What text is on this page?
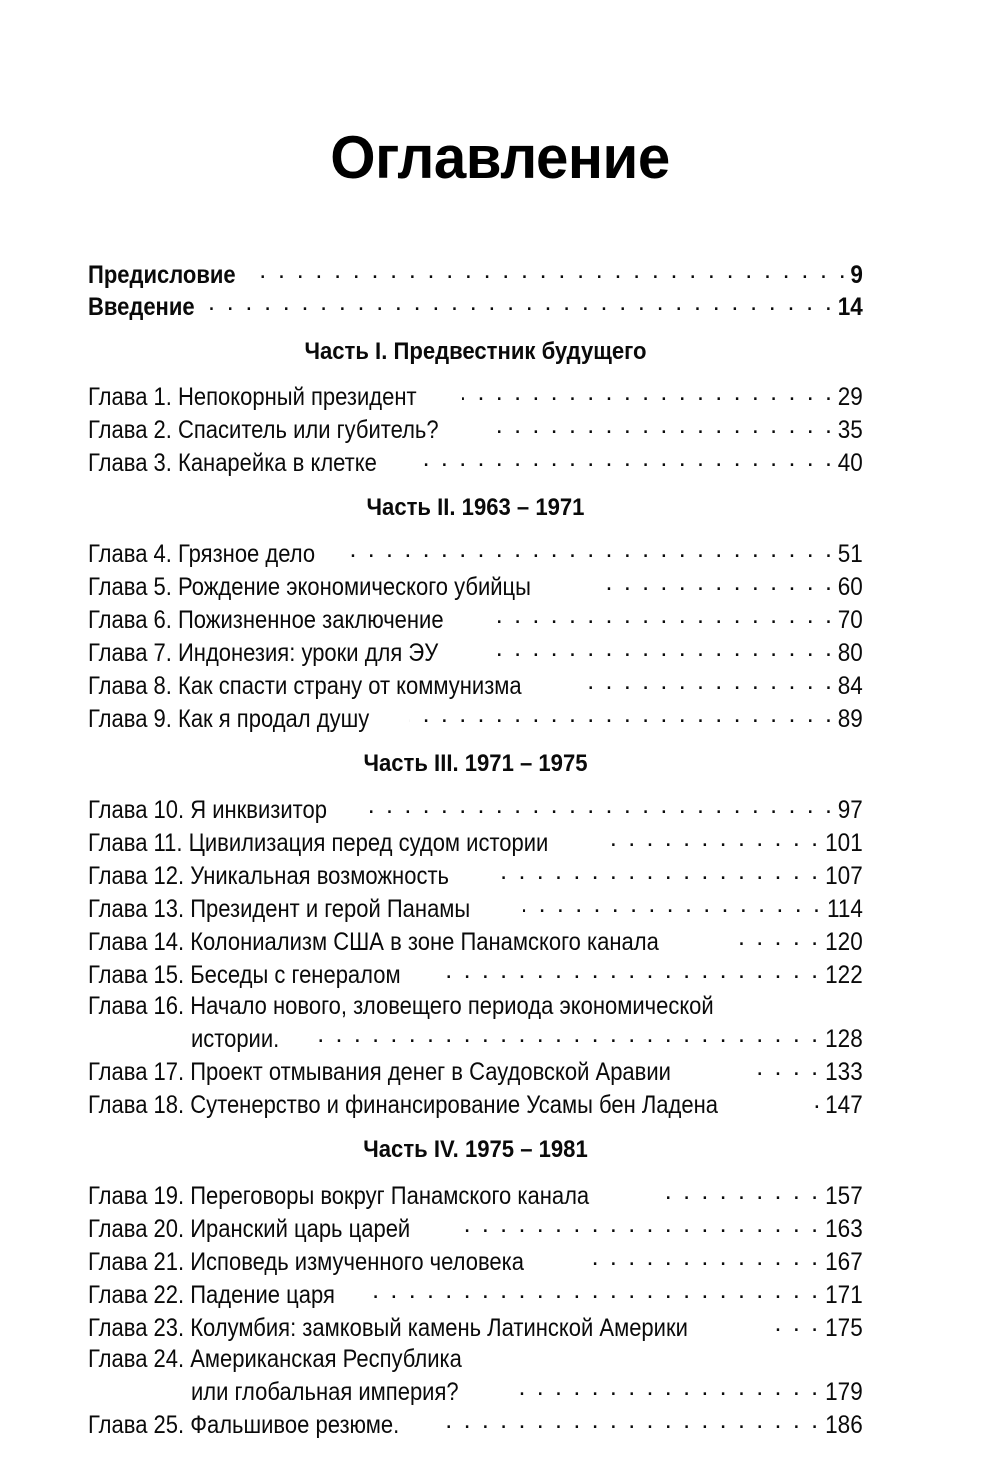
Оглавление
Предисловие . . .	9
Введение . . .	14
Часть I. Предвестник будущего
Глава 1. Непокорный президент . . .	29
Глава 2. Спаситель или губитель? . . .	35
Глава 3. Канарейка в клетке . . .	40
Часть II. 1963 – 1971
Глава 4. Грязное дело . . .	51
Глава 5. Рождение экономического убийцы . . .	60
Глава 6. Пожизненное заключение . . .	70
Глава 7. Индонезия: уроки для ЭУ . . .	80
Глава 8. Как спасти страну от коммунизма . . .	84
Глава 9. Как я продал душу . . .	89
Часть III. 1971 – 1975
Глава 10. Я инквизитор . . .	97
Глава 11. Цивилизация перед судом истории . . .	101
Глава 12. Уникальная возможность . . .	107
Глава 13. Президент и герой Панамы . . .	114
Глава 14. Колониализм США в зоне Панамского канала . . .	120
Глава 15. Беседы с генералом . . .	122
Глава 16. Начало нового, зловещего периода экономической
истории. . . .	128
Глава 17. Проект отмывания денег в Саудовской Аравии . . .	133
Глава 18. Сутенерство и финансирование Усамы бен Ладена .	147
Часть IV. 1975 – 1981
Глава 19. Переговоры вокруг Панамского канала . . .	157
Глава 20. Иранский царь царей . . .	163
Глава 21. Исповедь измученного человека . . .	167
Глава 22. Падение царя . . .	171
Глава 23. Колумбия: замковый камень Латинской Америки . . .	175
Глава 24. Американская Республика
или глобальная империя? . . .	179
Глава 25. Фальшивое резюме. . . .	186
